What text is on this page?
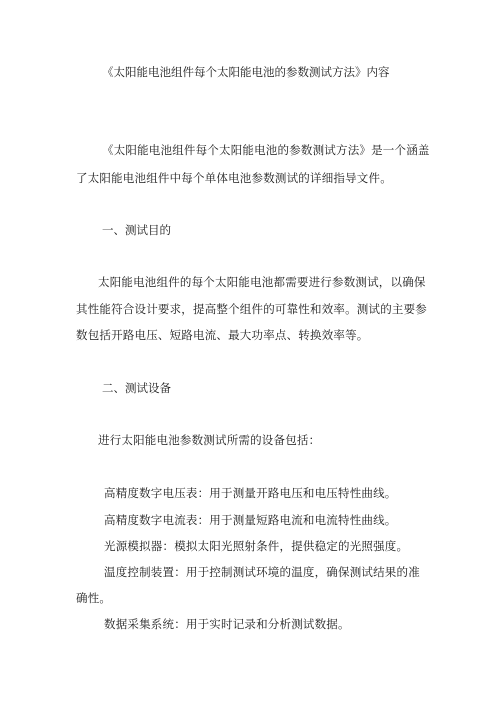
《太阳能电池组件每个太阳能电池的参数测试方法》内容
《太阳能电池组件每个太阳能电池的参数测试方法》是一个涵盖
了太阳能电池组件中每个单体电池参数测试的详细指导文件。
一、测试目的
太阳能电池组件的每个太阳能电池都需要进行参数测试，以确保
其性能符合设计要求，提高整个组件的可靠性和效率。测试的主要参
数包括开路电压、短路电流、最大功率点、转换效率等。
二、测试设备
进行太阳能电池参数测试所需的设备包括：
高精度数字电压表：用于测量开路电压和电压特性曲线。
高精度数字电流表：用于测量短路电流和电流特性曲线。
光源模拟器：模拟太阳光照射条件，提供稳定的光照强度。
温度控制装置：用于控制测试环境的温度，确保测试结果的准
确性。
数据采集系统：用于实时记录和分析测试数据。
